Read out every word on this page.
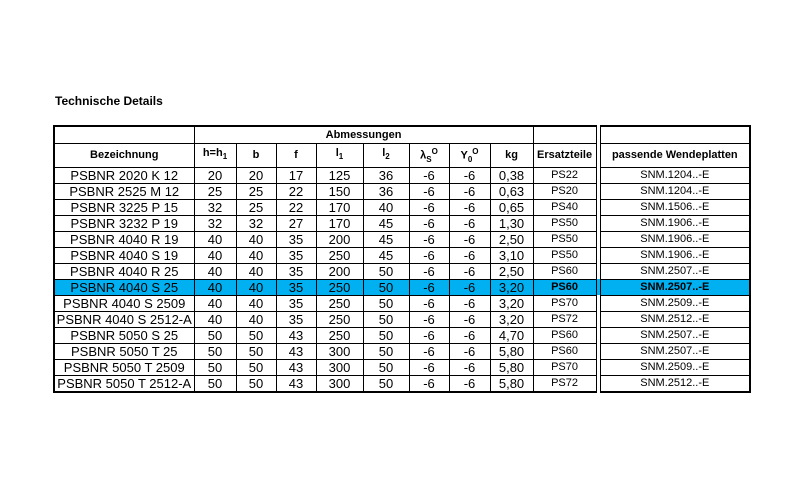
Technische Details
	Abmessungen										
Bezeichnung	$h=h_1$	b	f	$l_1$	$l_2$	$\lambda_S^O$	$Y_0^O$	kg	Ersatzteile		passende Wendeplatten
PSBNR 2020 K 12	20	20	17	125	36	-6	-6	0,38	PS22		SNM.1204..-E
PSBNR 2525 M 12	25	25	22	150	36	-6	-6	0,63	PS20		SNM.1204..-E
PSBNR 3225 P 15	32	25	22	170	40	-6	-6	0,65	PS40		SNM.1506..-E
PSBNR 3232 P 19	32	32	27	170	45	-6	-6	1,30	PS50		SNM.1906..-E
PSBNR 4040 R 19	40	40	35	200	45	-6	-6	2,50	PS50		SNM.1906..-E
PSBNR 4040 S 19	40	40	35	250	45	-6	-6	3,10	PS50		SNM.1906..-E
PSBNR 4040 R 25	40	40	35	200	50	-6	-6	2,50	PS60		SNM.2507..-E
PSBNR 4040 S 25	40	40	35	250	50	-6	-6	3,20	PS60		SNM.2507..-E
PSBNR 4040 S 2509	40	40	35	250	50	-6	-6	3,20	PS70		SNM.2509..-E
PSBNR 4040 S 2512-A	40	40	35	250	50	-6	-6	3,20	PS72		SNM.2512..-E
PSBNR 5050 S 25	50	50	43	250	50	-6	-6	4,70	PS60		SNM.2507..-E
PSBNR 5050 T 25	50	50	43	300	50	-6	-6	5,80	PS60		SNM.2507..-E
PSBNR 5050 T 2509	50	50	43	300	50	-6	-6	5,80	PS70		SNM.2509..-E
PSBNR 5050 T 2512-A	50	50	43	300	50	-6	-6	5,80	PS72		SNM.2512..-E
